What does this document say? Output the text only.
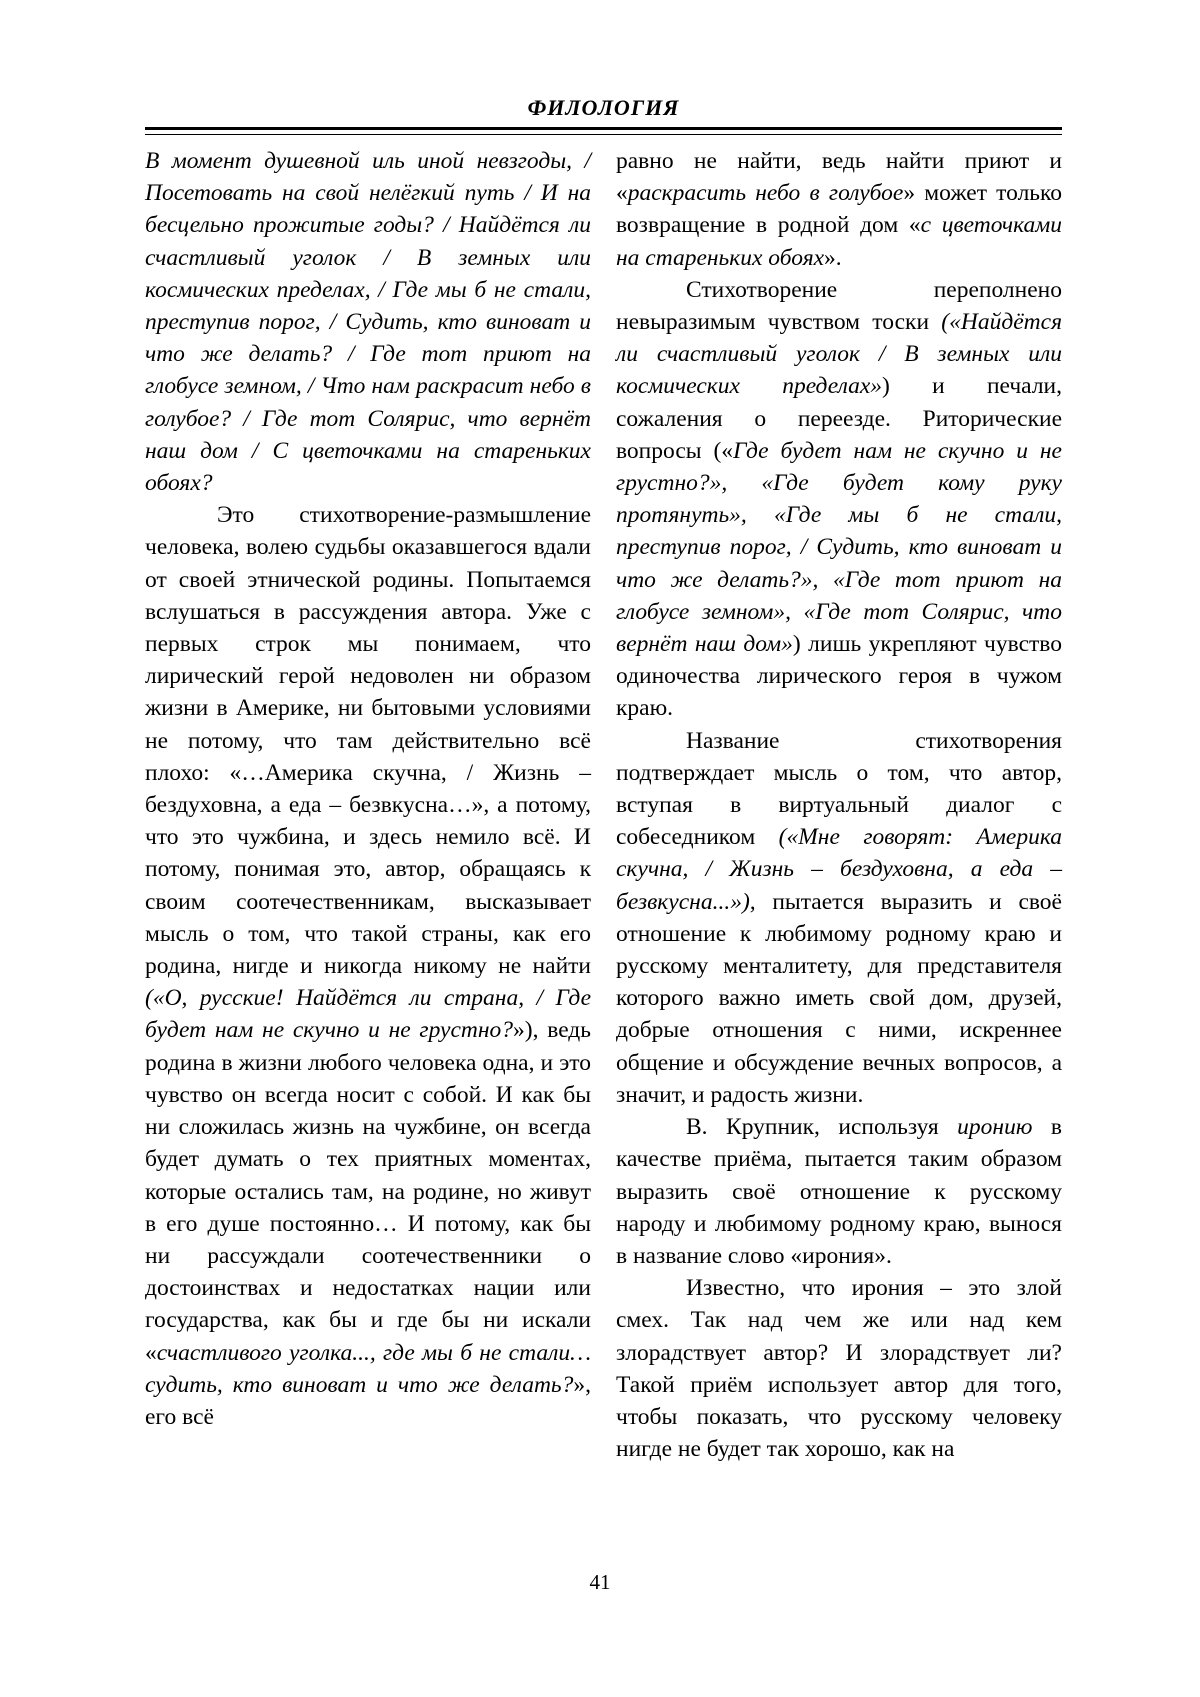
ФИЛОЛОГИЯ

В момент душевной иль иной невзгоды, / Посетовать на свой нелёгкий путь / И на бесцельно прожитые годы? / Найдётся ли счастливый уголок / В земных или космических пределах, / Где мы б не стали, преступив порог, / Судить, кто виноват и что же делать? / Где тот приют на глобусе земном, / Что нам раскрасит небо в голубое? / Где тот Солярис, что вернёт наш дом / С цветочками на стареньких обоях?

Это стихотворение-размышление человека, волею судьбы оказавшегося вдали от своей этнической родины. Попытаемся вслушаться в рассуждения автора. Уже с первых строк мы понимаем, что лирический герой недоволен ни образом жизни в Америке, ни бытовыми условиями не потому, что там действительно всё плохо: «…Америка скучна, / Жизнь – бездуховна, а еда – безвкусна…», а потому, что это чужбина, и здесь немило всё. И потому, понимая это, автор, обращаясь к своим соотечественникам, высказывает мысль о том, что такой страны, как его родина, нигде и никогда никому не найти («О, русские! Найдётся ли страна, / Где будет нам не скучно и не грустно?»), ведь родина в жизни любого человека одна, и это чувство он всегда носит с собой. И как бы ни сложилась жизнь на чужбине, он всегда будет думать о тех приятных моментах, которые остались там, на родине, но живут в его душе постоянно… И потому, как бы ни рассуждали соотечественники о достоинствах и недостатках нации или государства, как бы и где бы ни искали «счастливого уголка..., где мы б не стали… судить, кто виноват и что же делать?», его всё

равно не найти, ведь найти приют и «раскрасить небо в голубое» может только возвращение в родной дом «с цветочками на стареньких обоях».

Стихотворение переполнено невыразимым чувством тоски («Найдётся ли счастливый уголок / В земных или космических пределах») и печали, сожаления о переезде. Риторические вопросы («Где будет нам не скучно и не грустно?», «Где будет кому руку протянуть», «Где мы б не стали, преступив порог, / Судить, кто виноват и что же делать?», «Где тот приют на глобусе земном», «Где тот Солярис, что вернёт наш дом») лишь укрепляют чувство одиночества лирического героя в чужом краю.

Название стихотворения подтверждает мысль о том, что автор, вступая в виртуальный диалог с собеседником («Мне говорят: Америка скучна, / Жизнь – бездуховна, а еда – безвкусна...»), пытается выразить и своё отношение к любимому родному краю и русскому менталитету, для представителя которого важно иметь свой дом, друзей, добрые отношения с ними, искреннее общение и обсуждение вечных вопросов, а значит, и радость жизни.

В. Крупник, используя иронию в качестве приёма, пытается таким образом выразить своё отношение к русскому народу и любимому родному краю, вынося в название слово «ирония».

Известно, что ирония – это злой смех. Так над чем же или над кем злорадствует автор? И злорадствует ли? Такой приём использует автор для того, чтобы показать, что русскому человеку нигде не будет так хорошо, как на

41
